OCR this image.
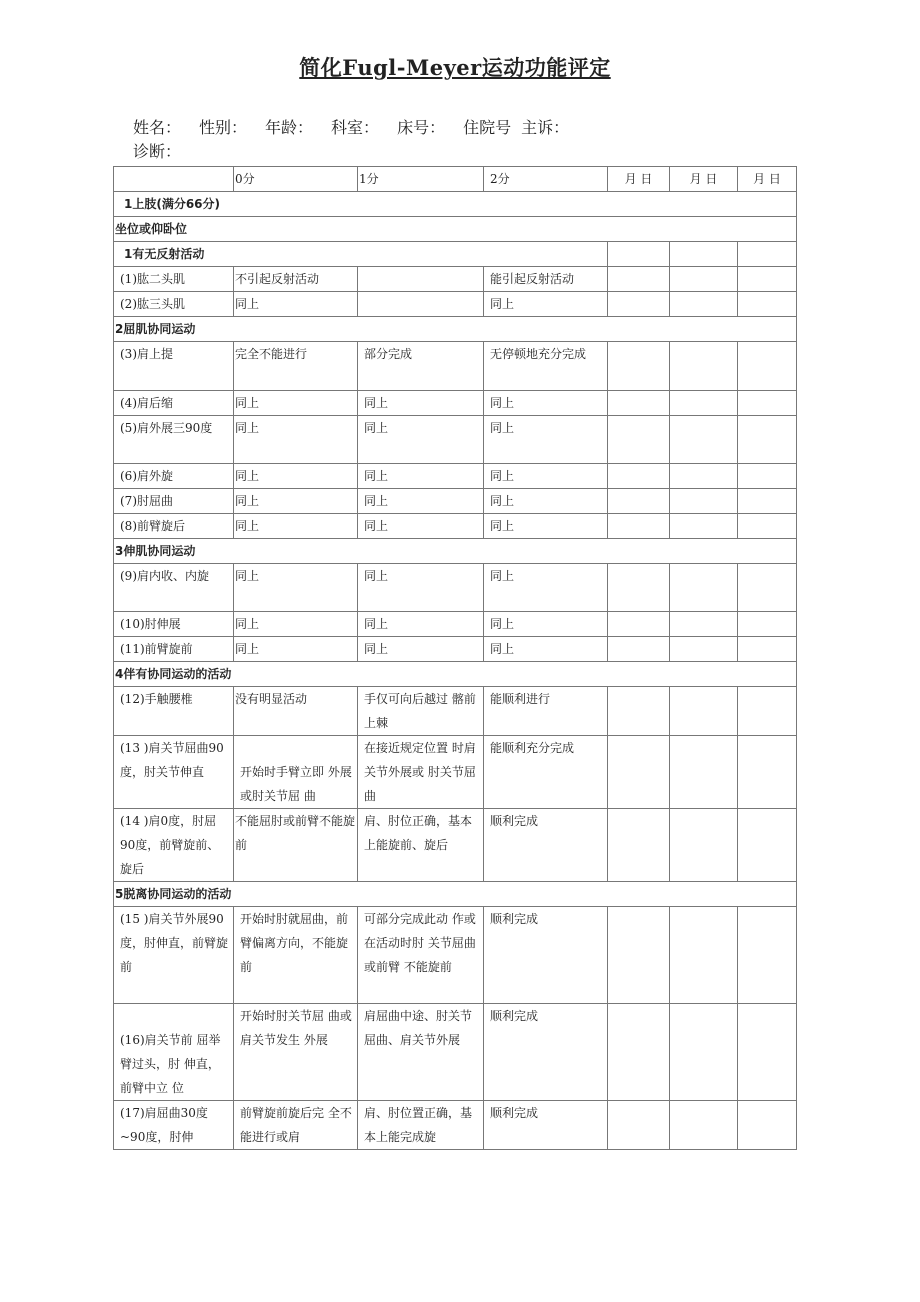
简化Fugl-Meyer运动功能评定
姓名： 性别： 年龄： 科室： 床号： 住院号 主诉：
诊断：
	0分	1分	2分	月 日	月 日	月 日
1上肢(满分66分)						
坐位或仰卧位						
1有无反射活动						
(1)肱二头肌	不引起反射活动		能引起反射活动			
(2)肱三头肌	同上		同上			
2屈肌协同运动						
(3)肩上提	完全不能进行	部分完成	无停顿地充分完成			
(4)肩后缩	同上	同上	同上			
(5)肩外展三90度	同上	同上	同上			
(6)肩外旋	同上	同上	同上			
(7)肘屈曲	同上	同上	同上			
(8)前臂旋后	同上	同上	同上			
3伸肌协同运动						
(9)肩内收、内旋	同上	同上	同上			
(10)肘伸展	同上	同上	同上			
(11)前臂旋前	同上	同上	同上			
4伴有协同运动的活动						
(12)手触腰椎	没有明显活动	手仅可向后越过 髂前上棘	能顺利进行			
(13 )肩关节屈曲90度，肘关节伸直	开始时手臂立即 外展或肘关节屈 曲	在接近规定位置 时肩关节外展或 肘关节屈曲	能顺利充分完成			
(14 )肩0度，肘屈90度，前臂旋前、旋后	不能屈肘或前臂不能旋前	肩、肘位正确，基本上能旋前、旋后	顺利完成			
5脱离协同运动的活动						
(15 )肩关节外展90度，肘伸直，前臂旋前	开始时肘就屈曲，前臂偏离方向，不能旋前	可部分完成此动 作或在活动时肘 关节屈曲或前臂 不能旋前	顺利完成			
(16)肩关节前 屈举臂过头，肘 伸直，前臂中立 位	开始时肘关节屈 曲或肩关节发生 外展	肩屈曲中途、肘关节屈曲、肩关节外展	顺利完成			
(17)肩屈曲30度~90度，肘伸	前臂旋前旋后完 全不能进行或肩	肩、肘位置正确，基本上能完成旋	顺利完成			
